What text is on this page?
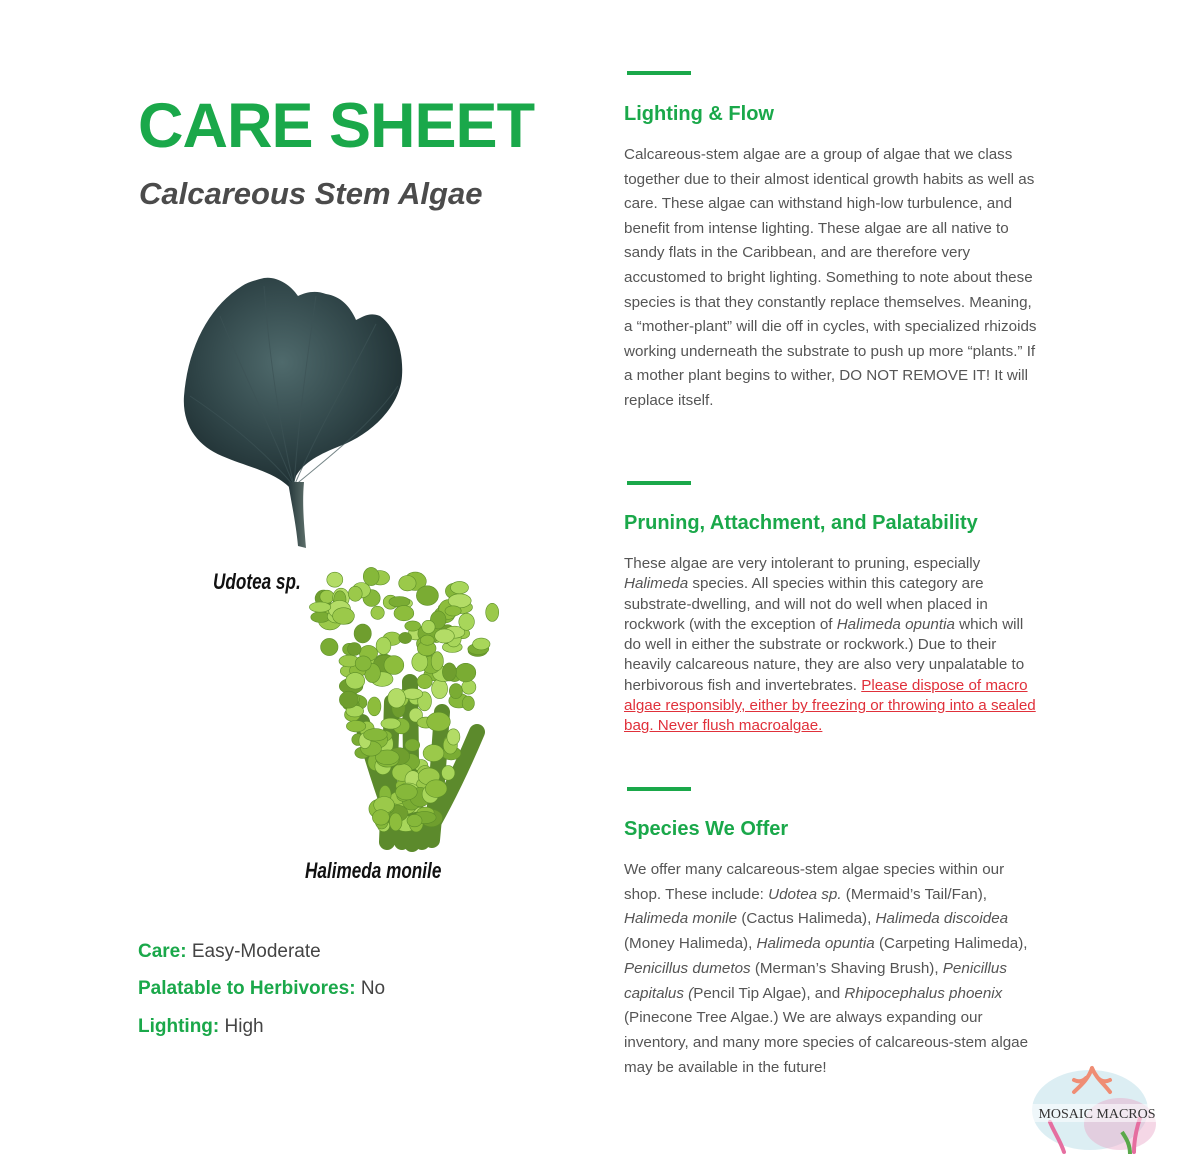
CARE SHEET
Calcareous Stem Algae
Udotea sp.
Halimeda monile
Care: Easy-Moderate
Palatable to Herbivores: No
Lighting: High
Lighting & Flow
Calcareous-stem algae are a group of algae that we class together due to their almost identical growth habits as well as care. These algae can withstand high-low turbulence, and benefit from intense lighting. These algae are all native to sandy flats in the Caribbean, and are therefore very accustomed to bright lighting. Something to note about these species is that they constantly replace themselves. Meaning, a “mother-plant” will die off in cycles, with specialized rhizoids working underneath the substrate to push up more “plants.” If a mother plant begins to wither, DO NOT REMOVE IT! It will replace itself.
Pruning, Attachment, and Palatability
These algae are very intolerant to pruning, especially Halimeda species. All species within this category are substrate-dwelling, and will not do well when placed in rockwork (with the exception of Halimeda opuntia which will do well in either the substrate or rockwork.) Due to their heavily calcareous nature, they are also very unpalatable to herbivorous fish and invertebrates. Please dispose of macro algae responsibly, either by freezing or throwing into a sealed bag. Never flush macroalgae.
Species We Offer
We offer many calcareous-stem algae species within our shop. These include: Udotea sp. (Mermaid’s Tail/Fan), Halimeda monile (Cactus Halimeda), Halimeda discoidea (Money Halimeda), Halimeda opuntia (Carpeting Halimeda), Penicillus dumetos (Merman’s Shaving Brush), Penicillus capitalus (Pencil Tip Algae), and Rhipocephalus phoenix (Pinecone Tree Algae.) We are always expanding our inventory, and many more species of calcareous-stem algae may be available in the future!
MOSAIC MACROS
